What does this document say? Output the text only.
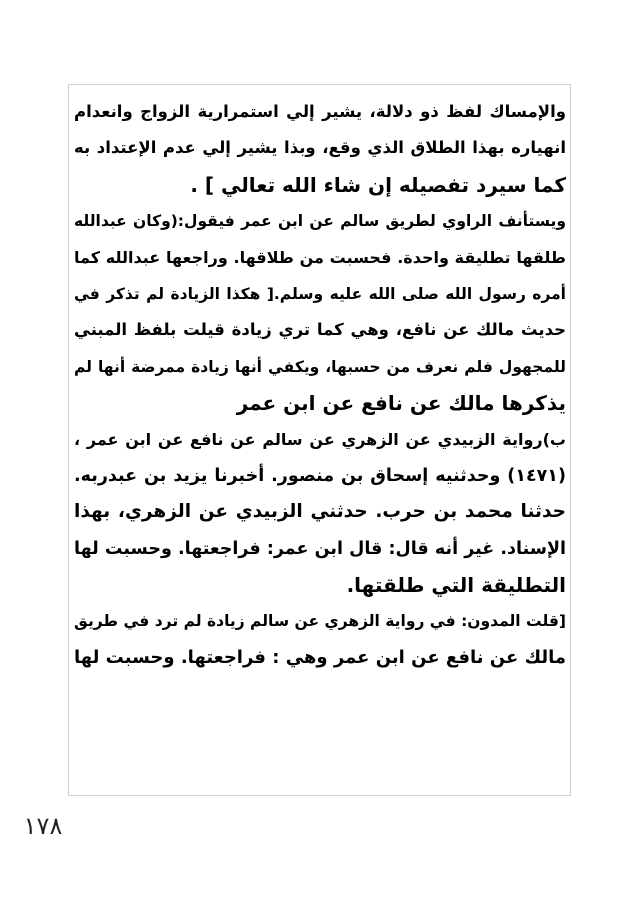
والإمساك لفظ ذو دلالة، يشير إلي استمرارية الزواج وانعدام
انهياره بهذا الطلاق الذي وقع، وبذا يشير إلي عدم الإعتداد به
كما سيرد تفصيله إن شاء الله تعالي ] .
ويستأنف الراوي لطريق سالم عن ابن عمر فيقول:(وكان عبدالله
طلقها تطليقة واحدة. فحسبت من طلاقها. وراجعها عبدالله كما
أمره رسول الله صلى الله عليه وسلم.[ هكذا الزيادة لم تذكر في
حديث مالك عن نافع، وهي كما تري زيادة قيلت بلفظ المبني
للمجهول فلم نعرف من حسبها، ويكفي أنها زيادة ممرضة أنها لم
يذكرها مالك عن نافع عن ابن عمر
ب)رواية الزبيدي عن الزهري عن سالم عن نافع عن ابن عمر ،
(١٤٧١) وحدثنيه إسحاق بن منصور. أخبرنا يزيد بن عبدربه.
حدثنا محمد بن حرب. حدثني الزبيدي عن الزهري، بهذا
الإسناد. غير أنه قال: قال ابن عمر: فراجعتها. وحسبت لها
التطليقة التي طلقتها.
[قلت المدون: في رواية الزهري عن سالم زيادة لم ترد في طريق
مالك عن نافع عن ابن عمر وهي : فراجعتها. وحسبت لها
١٧٨
